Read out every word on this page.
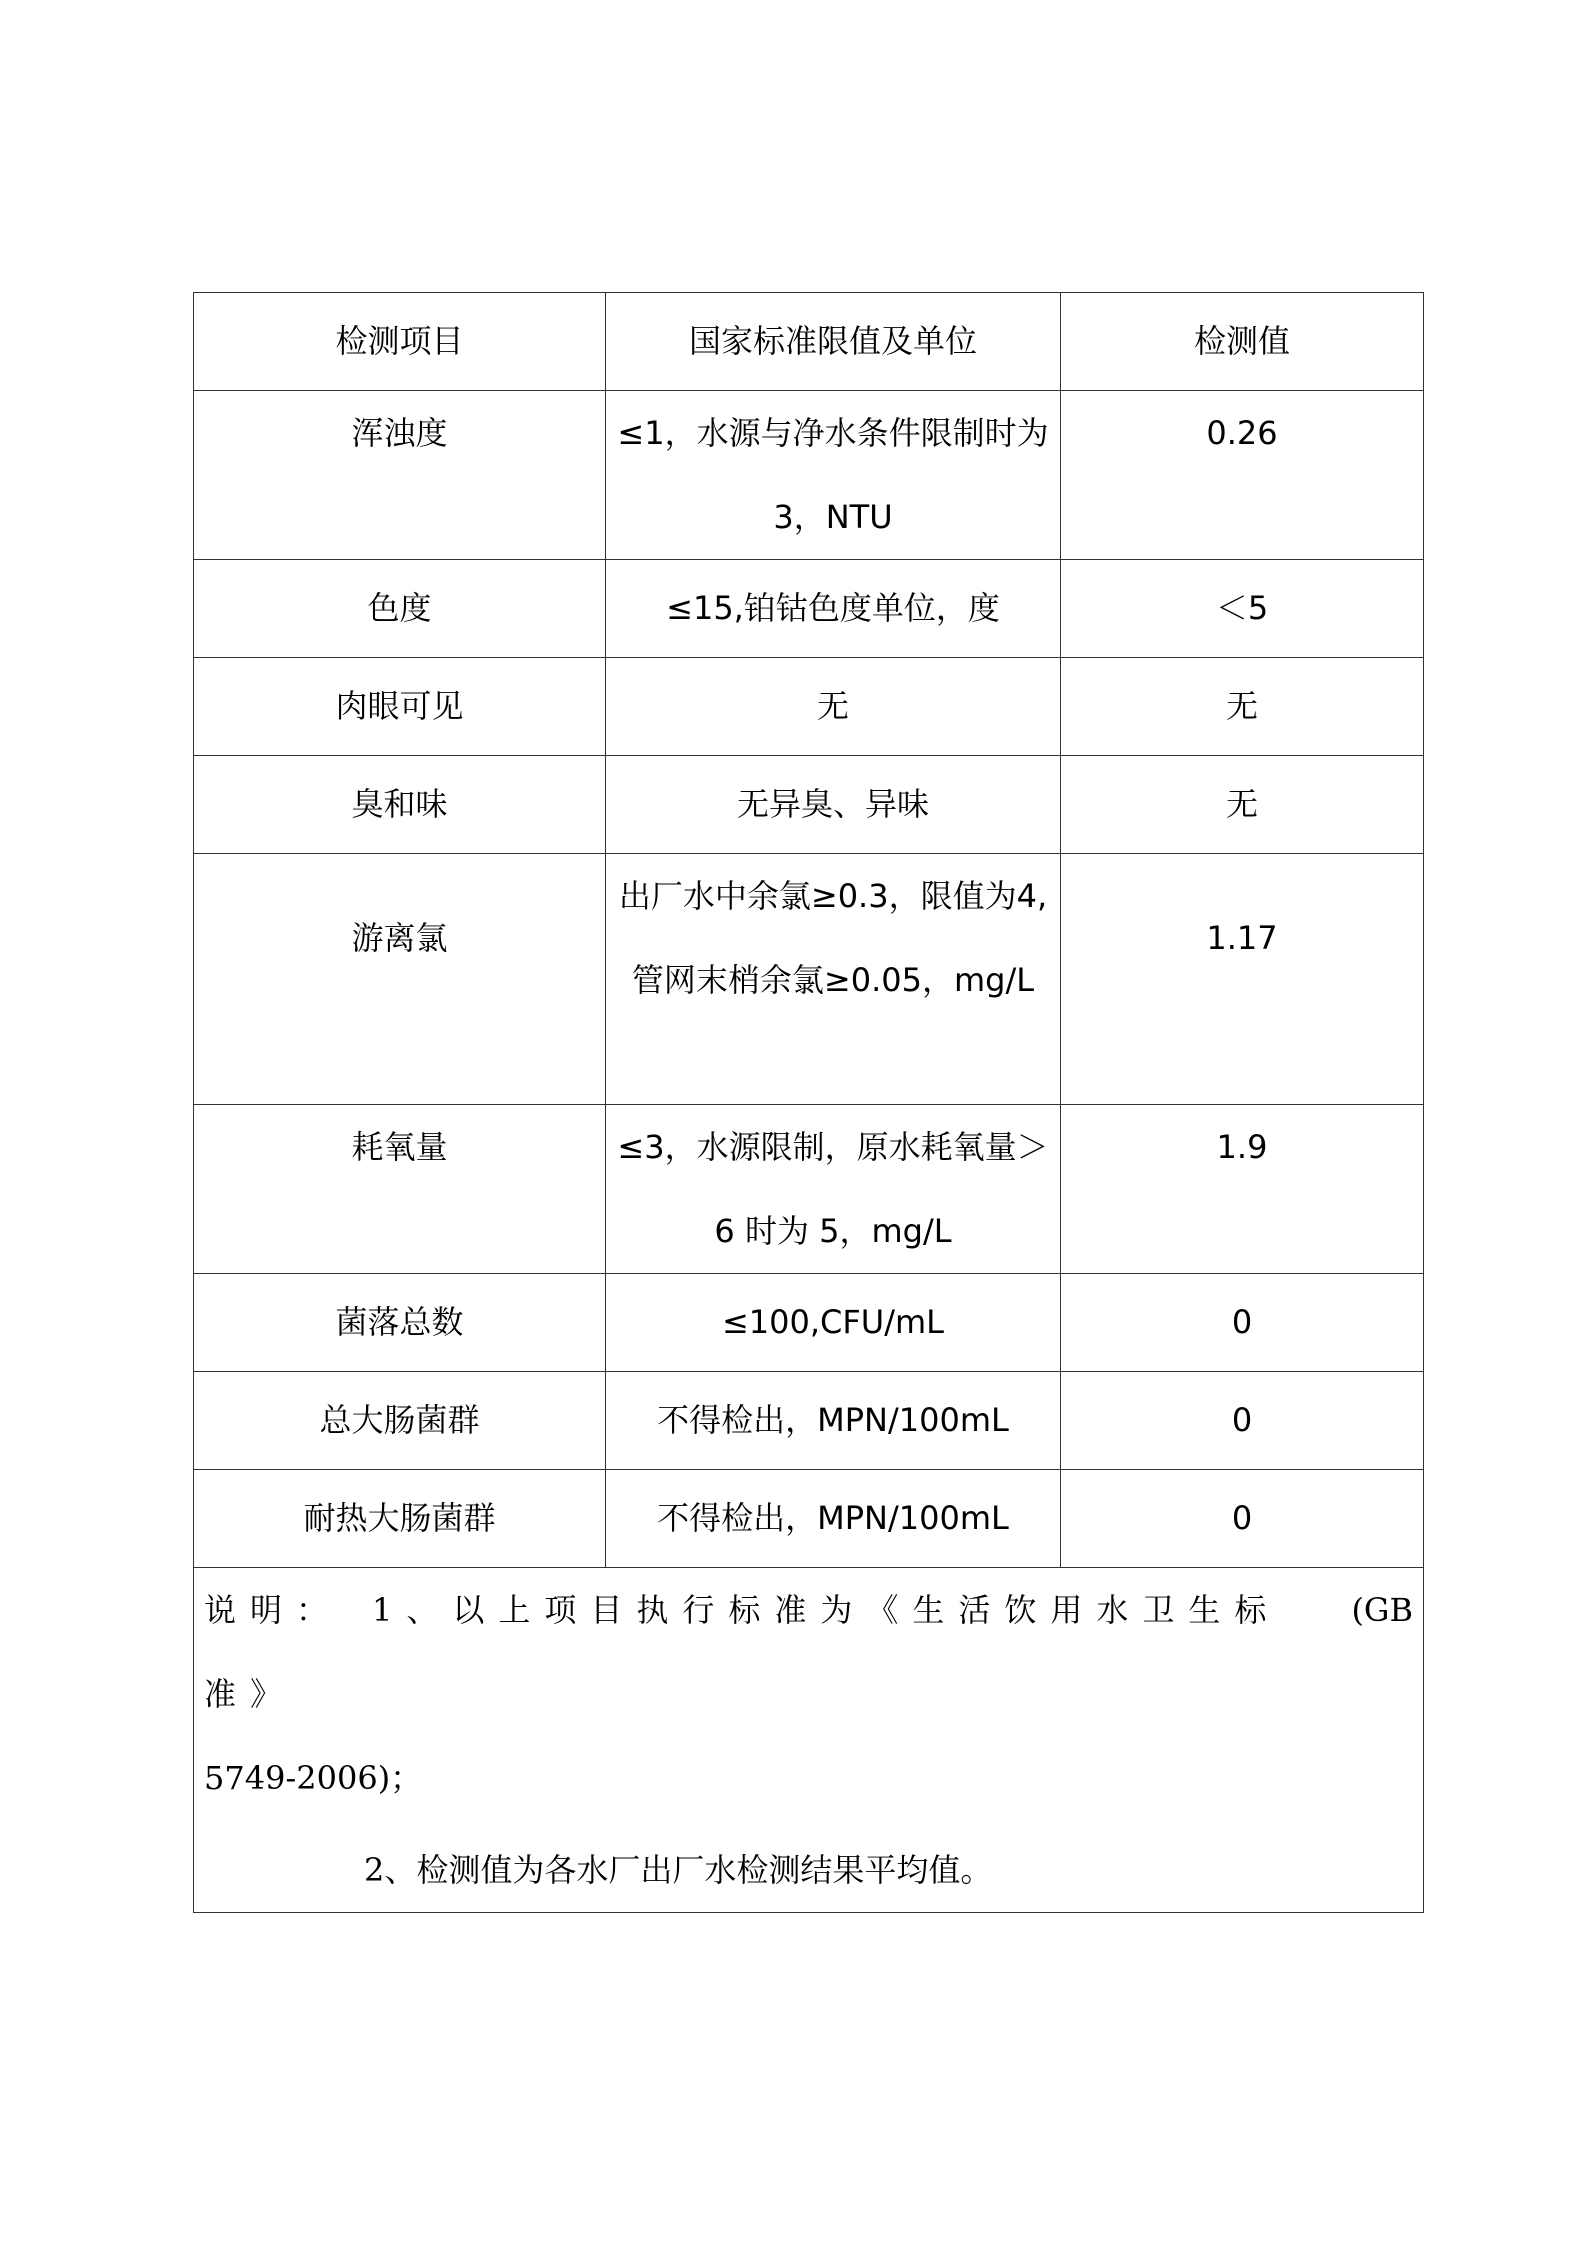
检测项目	国家标准限值及单位	检测值

浑浊度	≤1，水源与净水条件限制时为 3，NTU	0.26

色度	≤15,铂钴色度单位，度	＜5

肉眼可见	无	无

臭和味	无异臭、异味	无

游离氯	出厂水中余氯≥0.3，限值为4,管网末梢余氯≥0.05，mg/L	1.17

耗氧量	≤3，水源限制，原水耗氧量＞6 时为 5，mg/L	1.9

菌落总数	≤100,CFU/mL	0

总大肠菌群	不得检出，MPN/100mL	0

耐热大肠菌群	不得检出，MPN/100mL	0

说明：　1、以上项目执行标准为《生活饮用水卫生标准》
(GB
5749-2006)；
2、检测值为各水厂出厂水检测结果平均值。		
